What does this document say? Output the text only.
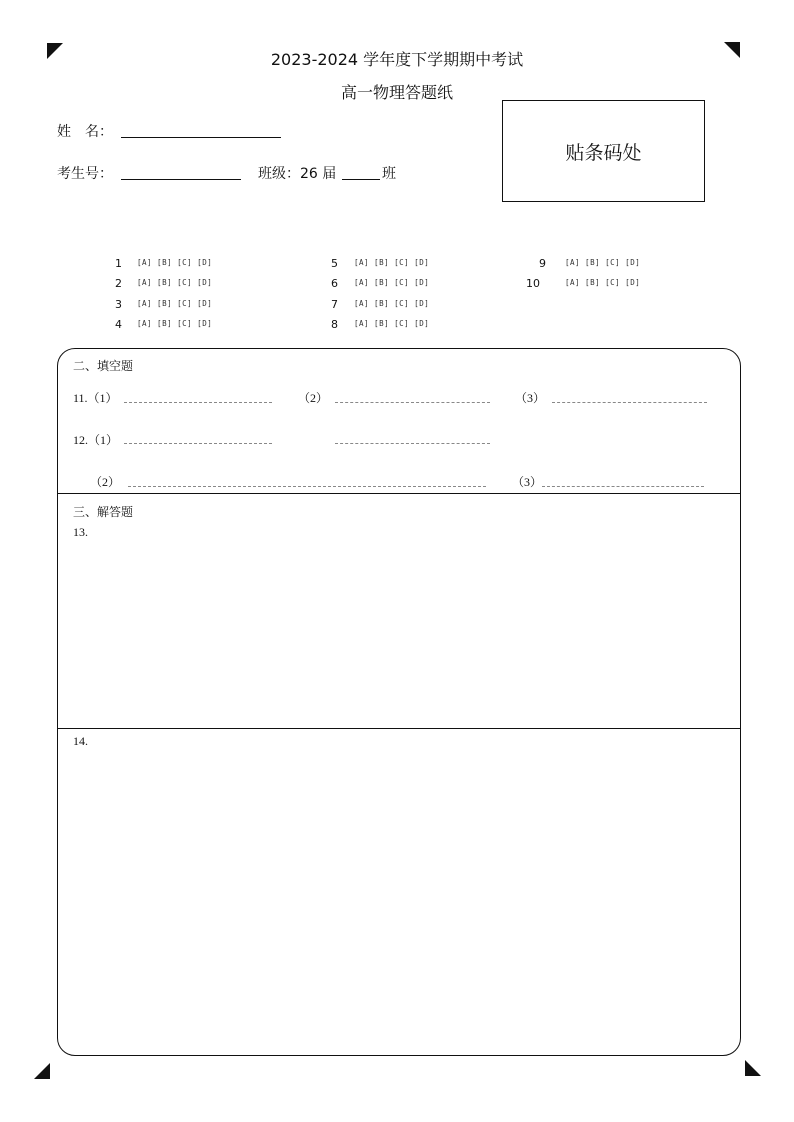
2023-2024 学年度下学期期中考试
高一物理答题纸
姓　名：
考生号：	班级：26 届	班
贴条码处
1 [A] [B] [C] [D]
2 [A] [B] [C] [D]
3 [A] [B] [C] [D]
4 [A] [B] [C] [D]
5 [A] [B] [C] [D]
6 [A] [B] [C] [D]
7 [A] [B] [C] [D]
8 [A] [B] [C] [D]
9	[A] [B] [C] [D]
10	[A] [B] [C] [D]
二、填空题
11.（1）	（2）	（3）
12.（1）
（2）	（3）
三、解答题
13.
14.
